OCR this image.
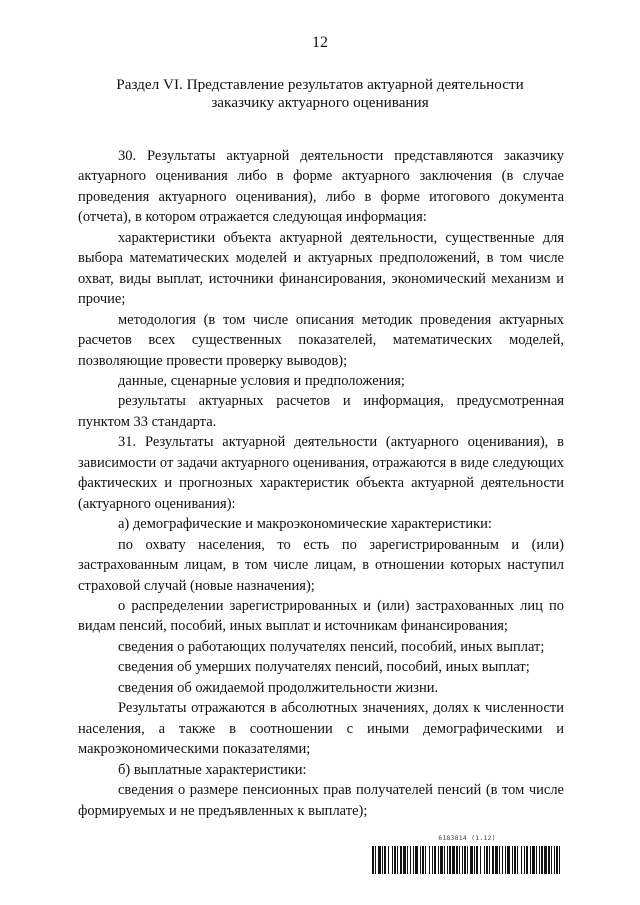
12
Раздел VI. Представление результатов актуарной деятельности
заказчику актуарного оценивания

30. Результаты актуарной деятельности представляются заказчику актуарного оценивания либо в форме актуарного заключения (в случае проведения актуарного оценивания), либо в форме итогового документа (отчета), в котором отражается следующая информация:

характеристики объекта актуарной деятельности, существенные для выбора математических моделей и актуарных предположений, в том числе охват, виды выплат, источники финансирования, экономический механизм и прочие;

методология (в том числе описания методик проведения актуарных расчетов всех существенных показателей, математических моделей, позволяющие провести проверку выводов);

данные, сценарные условия и предположения;

результаты актуарных расчетов и информация, предусмотренная пунктом 33 стандарта.

31. Результаты актуарной деятельности (актуарного оценивания), в зависимости от задачи актуарного оценивания, отражаются в виде следующих фактических и прогнозных характеристик объекта актуарной деятельности (актуарного оценивания):

а) демографические и макроэкономические характеристики:

по охвату населения, то есть по зарегистрированным и (или) застрахованным лицам, в том числе лицам, в отношении которых наступил страховой случай (новые назначения);

о распределении зарегистрированных и (или) застрахованных лиц по видам пенсий, пособий, иных выплат и источникам финансирования;

сведения о работающих получателях пенсий, пособий, иных выплат;

сведения об умерших получателях пенсий, пособий, иных выплат;

сведения об ожидаемой продолжительности жизни.

Результаты отражаются в абсолютных значениях, долях к численности населения, а также в соотношении с иными демографическими и макроэкономическими показателями;

б) выплатные характеристики:

сведения о размере пенсионных прав получателей пенсий (в том числе формируемых и не предъявленных к выплате);

6183814 (1.12)
